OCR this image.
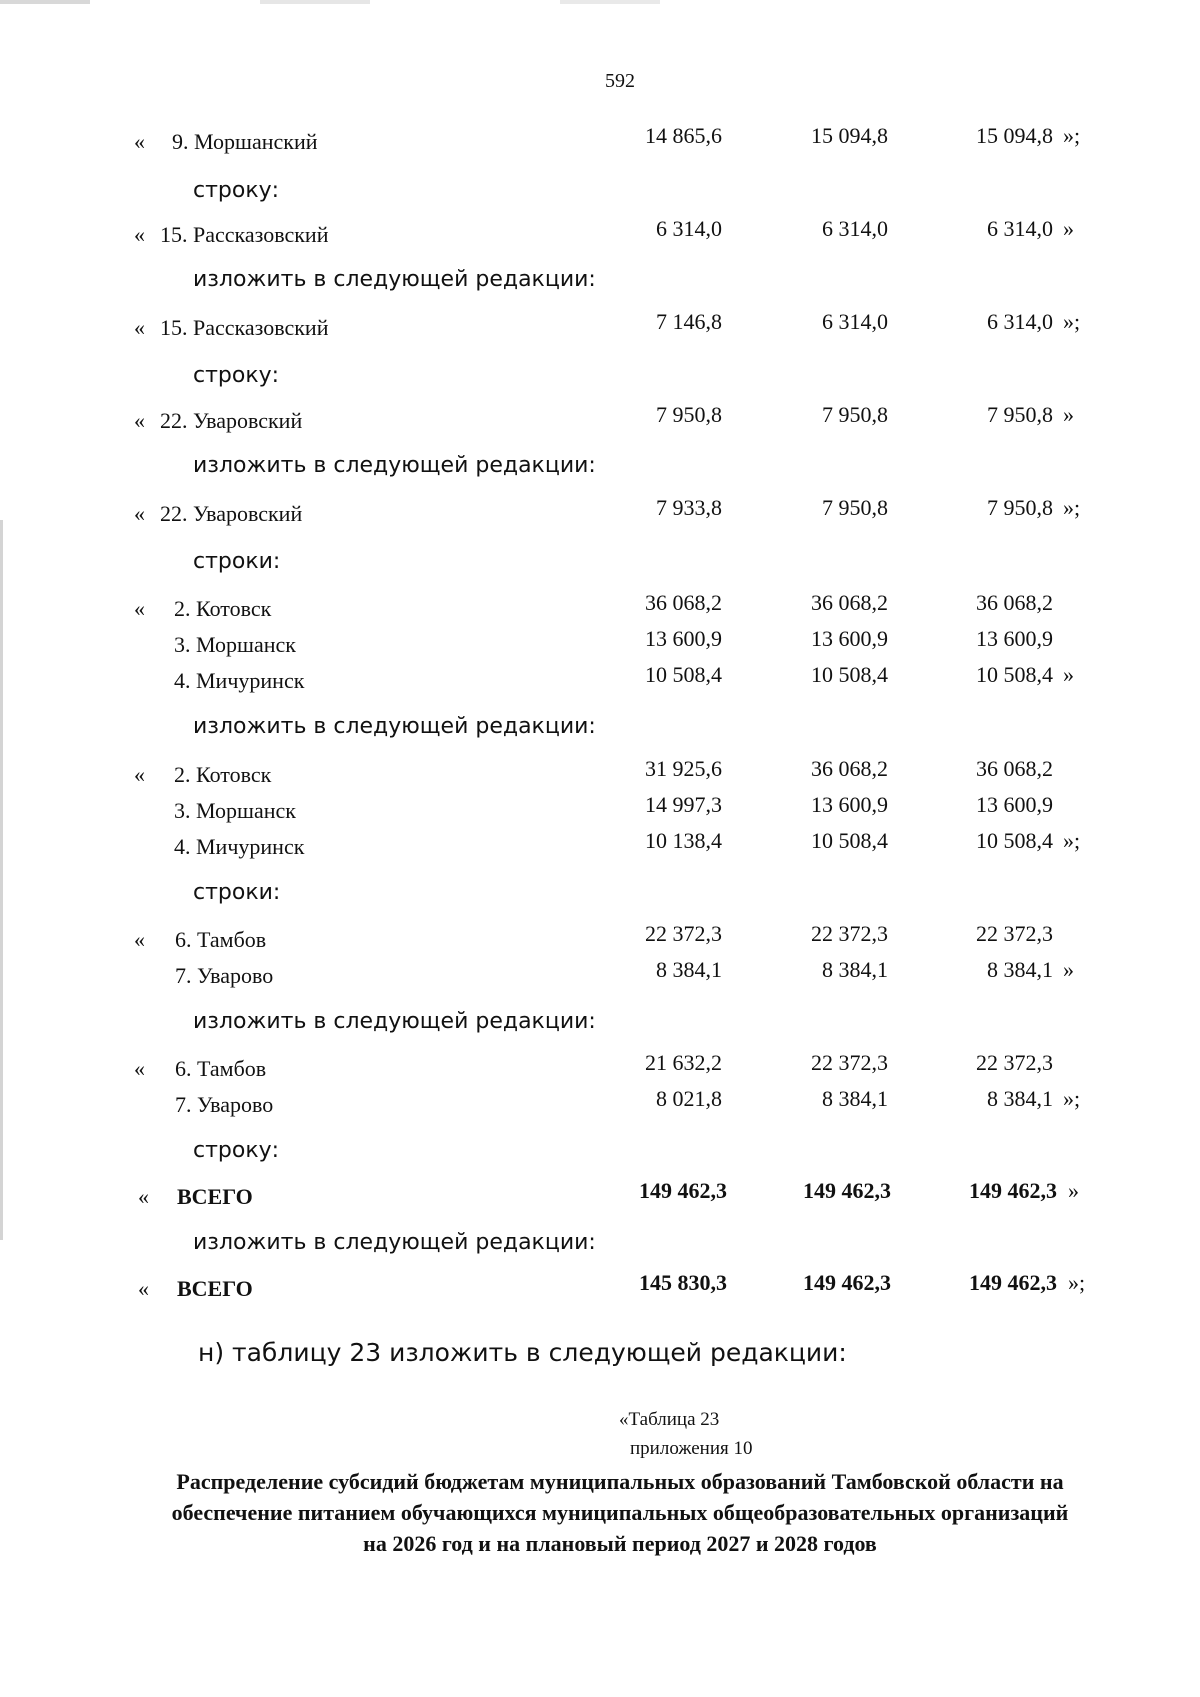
592
« 9. Моршанский	14 865,6	15 094,8	15 094,8 »;
строку:
« 15. Рассказовский	6 314,0	6 314,0	6 314,0 »
изложить в следующей редакции:
« 15. Рассказовский	7 146,8	6 314,0	6 314,0 »;
строку:
« 22. Уваровский	7 950,8	7 950,8	7 950,8 »
изложить в следующей редакции:
« 22. Уваровский	7 933,8	7 950,8	7 950,8 »;
строки:
« 2. Котовск	36 068,2	36 068,2	36 068,2
3. Моршанск	13 600,9	13 600,9	13 600,9
4. Мичуринск	10 508,4	10 508,4	10 508,4 »
изложить в следующей редакции:
« 2. Котовск	31 925,6	36 068,2	36 068,2
3. Моршанск	14 997,3	13 600,9	13 600,9
4. Мичуринск	10 138,4	10 508,4	10 508,4 »;
строки:
« 6. Тамбов	22 372,3	22 372,3	22 372,3
7. Уварово	8 384,1	8 384,1	8 384,1 »
изложить в следующей редакции:
« 6. Тамбов	21 632,2	22 372,3	22 372,3
7. Уварово	8 021,8	8 384,1	8 384,1 »;
строку:
« ВСЕГО	149 462,3	149 462,3	149 462,3 »
изложить в следующей редакции:
« ВСЕГО	145 830,3	149 462,3	149 462,3 »;
н) таблицу 23 изложить в следующей редакции:
«Таблица 23
приложения 10
Распределение субсидий бюджетам муниципальных образований Тамбовской области на
обеспечение питанием обучающихся муниципальных общеобразовательных организаций
на 2026 год и на плановый период 2027 и 2028 годов
